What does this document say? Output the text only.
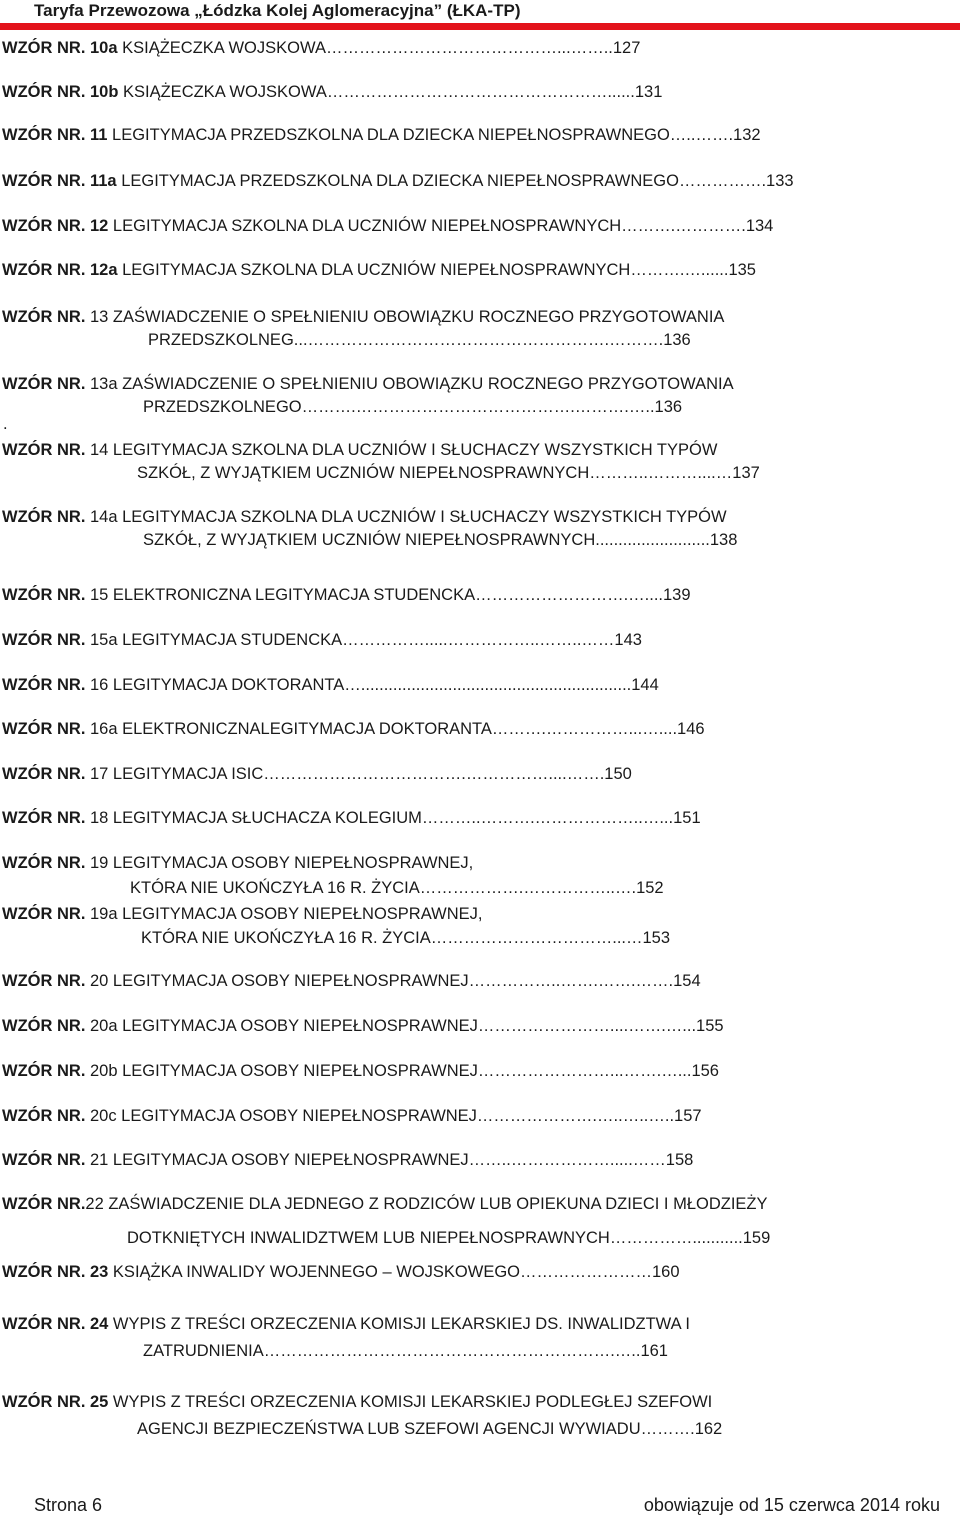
Taryfa Przewozowa „Łódzka Kolej Aglomeracyjna” (ŁKA-TP)
WZÓR NR. 10a KSIĄŻECZKA WOJSKOWA……………………………………...……..127
WZÓR NR. 10b KSIĄŻECZKA WOJSKOWA……………………………………………......131
WZÓR NR. 11 LEGITYMACJA PRZEDSZKOLNA DLA DZIECKA NIEPEŁNOSPRAWNEGO…..…….132
WZÓR NR. 11a LEGITYMACJA PRZEDSZKOLNA DLA DZIECKA NIEPEŁNOSPRAWNEGO…………….133
WZÓR NR. 12 LEGITYMACJA SZKOLNA DLA UCZNIÓW NIEPEŁNOSPRAWNYCH……….………….134
WZÓR NR. 12a LEGITYMACJA SZKOLNA DLA UCZNIÓW NIEPEŁNOSPRAWNYCH……….…......135
WZÓR NR. 13 ZAŚWIADCZENIE O SPEŁNIENIU OBOWIĄZKU ROCZNEGO PRZYGOTOWANIA
PRZEDSZKOLNEG...……………………………………………….……….136
WZÓR NR. 13a ZAŚWIADCZENIE O SPEŁNIENIU OBOWIĄZKU ROCZNEGO PRZYGOTOWANIA
PRZEDSZKOLNEGO……….………………………………….……….…..136
WZÓR NR. 14 LEGITYMACJA SZKOLNA DLA UCZNIÓW I SŁUCHACZY WSZYSTKICH TYPÓW
SZKÓŁ, Z WYJĄTKIEM UCZNIÓW NIEPEŁNOSPRAWNYCH………..………....…137
WZÓR NR. 14a LEGITYMACJA SZKOLNA DLA UCZNIÓW I SŁUCHACZY WSZYSTKICH TYPÓW
SZKÓŁ, Z WYJĄTKIEM UCZNIÓW NIEPEŁNOSPRAWNYCH.........................138
WZÓR NR. 15 ELEKTRONICZNA LEGITYMACJA STUDENCKA……………………….…....139
WZÓR NR. 15a LEGITYMACJA STUDENCKA…………….....……………..……..……143
WZÓR NR. 16 LEGITYMACJA DOKTORANTA…...........................................................144
WZÓR NR. 16a ELEKTRONICZNALEGITYMACJA DOKTORANTA……….……………...…....146
WZÓR NR. 17 LEGITYMACJA ISIC……………………………….……………....…….150
WZÓR NR. 18 LEGITYMACJA SŁUCHACZA KOLEGIUM………..……….………………..…...151
WZÓR NR. 19 LEGITYMACJA OSOBY NIEPEŁNOSPRAWNEJ,
KTÓRA NIE UKOŃCZYŁA 16 R. ŻYCIA……………….……………..….152
WZÓR NR. 19a LEGITYMACJA OSOBY NIEPEŁNOSPRAWNEJ,
KTÓRA NIE UKOŃCZYŁA 16 R. ŻYCIA……………………………...…153
WZÓR NR. 20 LEGITYMACJA OSOBY NIEPEŁNOSPRAWNEJ……………..…….…….…….154
WZÓR NR. 20a LEGITYMACJA OSOBY NIEPEŁNOSPRAWNEJ……………………....…….…...155
WZÓR NR. 20b LEGITYMACJA OSOBY NIEPEŁNOSPRAWNEJ……………………...…….…...156
WZÓR NR. 20c LEGITYMACJA OSOBY NIEPEŁNOSPRAWNEJ………………….…..…..…..157
WZÓR NR. 21 LEGITYMACJA OSOBY NIEPEŁNOSPRAWNEJ……..……………….....……158
WZÓR NR.22 ZAŚWIADCZENIE DLA JEDNEGO Z RODZICÓW LUB OPIEKUNA DZIECI I MŁODZIEŻY
DOTKNIĘTYCH INWALIDZTWEM LUB NIEPEŁNOSPRAWNYCH……………...........159
WZÓR NR. 23 KSIĄŻKA INWALIDY WOJENNEGO – WOJSKOWEGO……………………160
WZÓR NR. 24 WYPIS Z TREŚCI ORZECZENIA KOMISJI LEKARSKIEJ DS. INWALIDZTWA I
ZATRUDNIENIA……………………………………………………….…..161
WZÓR NR. 25 WYPIS Z TREŚCI ORZECZENIA KOMISJI LEKARSKIEJ PODLEGŁEJ SZEFOWI
AGENCJI BEZPIECZEŃSTWA LUB SZEFOWI AGENCJI WYWIADU……….162
.
Strona 6	obowiązuje od 15 czerwca 2014 roku
